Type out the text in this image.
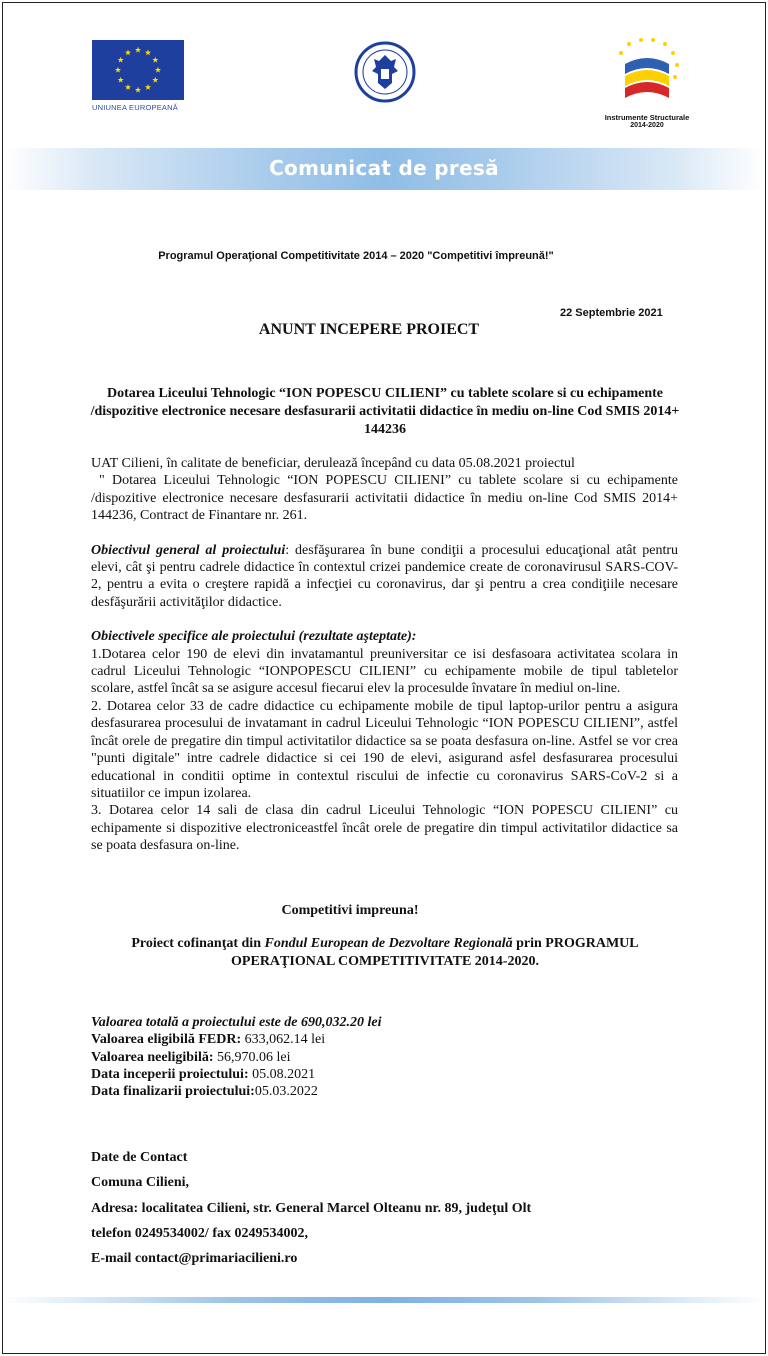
UNIUNEA EUROPEANĂ
Instrumente Structurale
2014-2020
Comunicat de presă
Programul Operaţional Competitivitate 2014 – 2020 "Competitivi împreună!"
22 Septembrie 2021
ANUNT INCEPERE PROIECT
Dotarea Liceului Tehnologic “ION POPESCU CILIENI” cu tablete scolare si cu echipamente /dispozitive electronice necesare desfasurarii activitatii didactice în mediu on-line Cod SMIS 2014+ 144236

UAT Cilieni, în calitate de beneficiar, derulează începând cu data 05.08.2021 proiectul

" Dotarea Liceului Tehnologic “ION POPESCU CILIENI” cu tablete scolare si cu echipamente /dispozitive electronice necesare desfasurarii activitatii didactice în mediu on-line Cod SMIS 2014+ 144236, Contract de Finantare nr. 261.

Obiectivul general al proiectului: desfăşurarea în bune condiţii a procesului educaţional atât pentru elevi, cât şi pentru cadrele didactice în contextul crizei pandemice create de coronavirusul SARS-COV-2, pentru a evita o creştere rapidă a infecţiei cu coronavirus, dar şi pentru a crea condiţiile necesare desfăşurării activităţilor didactice.

Obiectivele specifice ale proiectului (rezultate aşteptate):

1.Dotarea celor 190 de elevi din invatamantul preuniversitar ce isi desfasoara activitatea scolara in cadrul Liceului Tehnologic “IONPOPESCU CILIENI” cu echipamente mobile de tipul tabletelor scolare, astfel încât sa se asigure accesul fiecarui elev la procesulde învatare în mediul on-line.

2. Dotarea celor 33 de cadre didactice cu echipamente mobile de tipul laptop-urilor pentru a asigura desfasurarea procesului de invatamant in cadrul Liceului Tehnologic “ION POPESCU CILIENI”, astfel încât orele de pregatire din timpul activitatilor didactice sa se poata desfasura on-line. Astfel se vor crea "punti digitale" intre cadrele didactice si cei 190 de elevi, asigurand asfel desfasurarea procesului educational in conditii optime in contextul riscului de infectie cu coronavirus SARS-CoV-2 si a situatiilor ce impun izolarea.

3. Dotarea celor 14 sali de clasa din cadrul Liceului Tehnologic “ION POPESCU CILIENI” cu echipamente si dispozitive electroniceastfel încât orele de pregatire din timpul activitatilor didactice sa se poata desfasura on-line.

Competitivi impreuna!
Proiect cofinanţat din Fondul European de Dezvoltare Regională prin PROGRAMUL OPERAŢIONAL COMPETITIVITATE 2014-2020.
Valoarea totală a proiectului este de 690,032.20 lei
Valoarea eligibilă FEDR: 633,062.14 lei
Valoarea neeligibilă: 56,970.06 lei
Data inceperii proiectului: 05.08.2021
Data finalizarii proiectului:05.03.2022
Date de Contact
Comuna Cilieni,
Adresa: localitatea Cilieni, str. General Marcel Olteanu nr. 89, judeţul Olt
telefon 0249534002/ fax 0249534002,
E-mail contact@primariacilieni.ro
